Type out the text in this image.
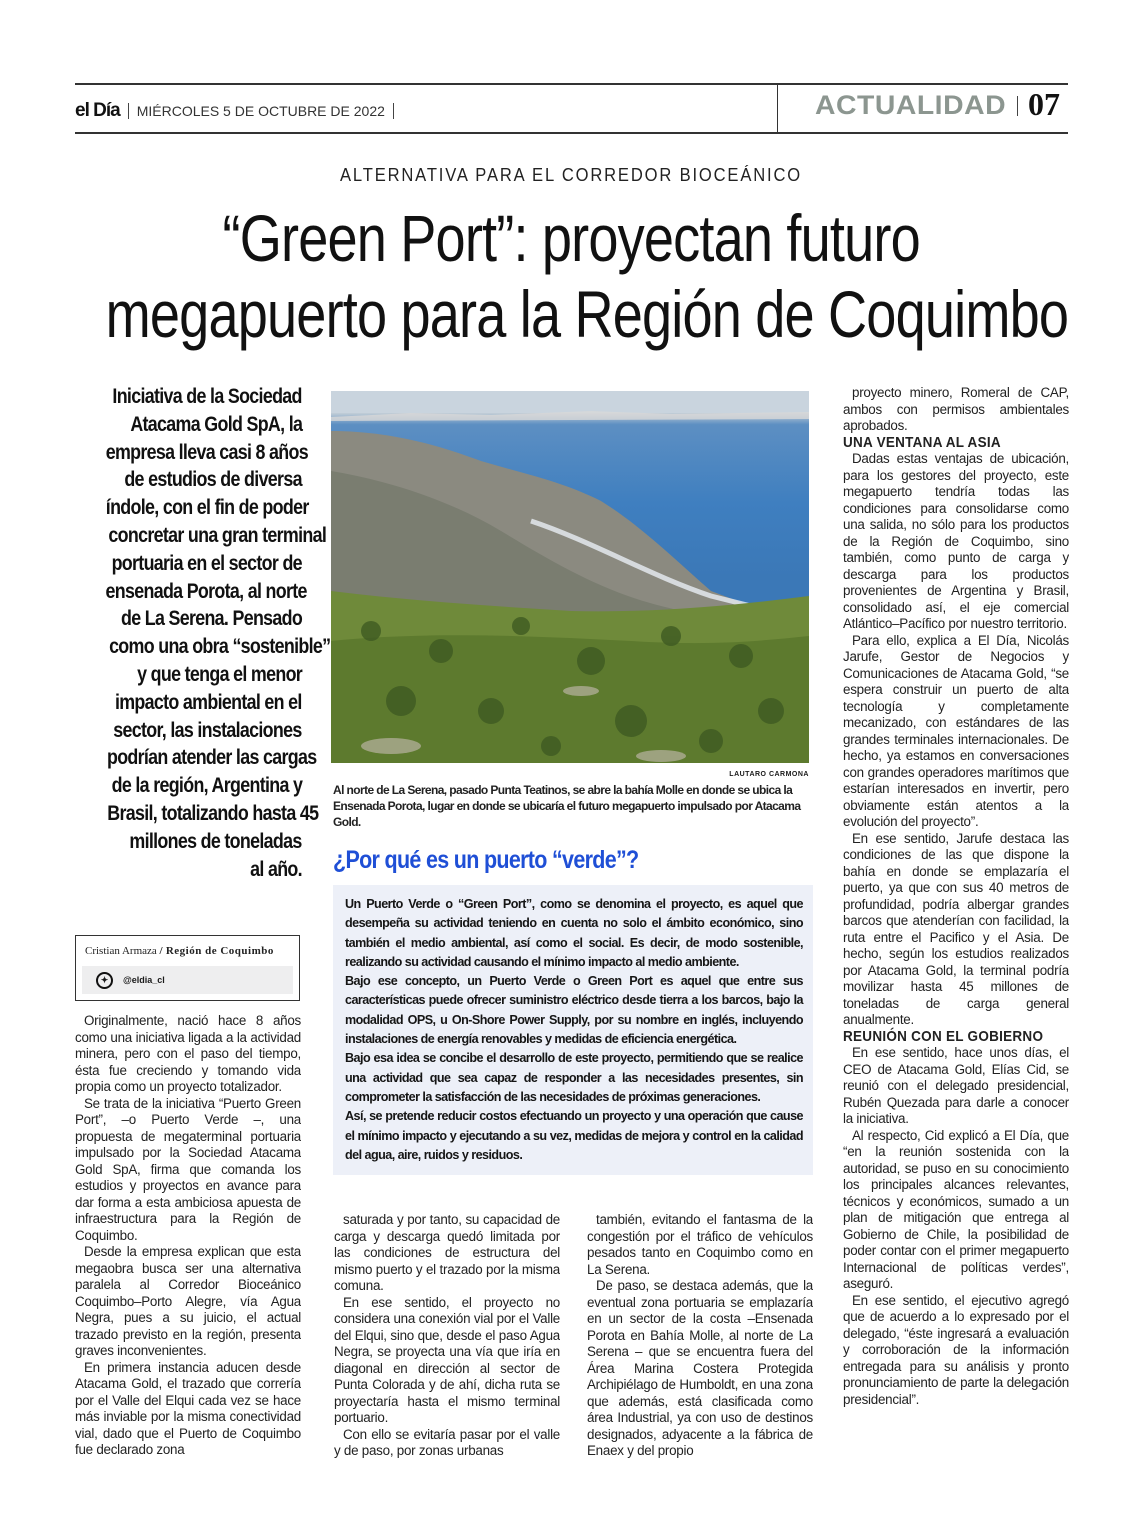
el Día MIÉRCOLES 5 DE OCTUBRE DE 2022	ACTUALIDAD 07
ALTERNATIVA PARA EL CORREDOR BIOCEÁNICO
“Green Port”: proyectan futuro
megapuerto para la Región de Coquimbo
Iniciativa de la Sociedad
Atacama Gold SpA, la
empresa lleva casi 8 años
de estudios de diversa
índole, con el fin de poder
concretar una gran terminal
portuaria en el sector de
ensenada Porota, al norte
de La Serena. Pensado
como una obra “sostenible”
y que tenga el menor
impacto ambiental en el
sector, las instalaciones
podrían atender las cargas
de la región, Argentina y
Brasil, totalizando hasta 45
millones de toneladas
al año.
Cristian Armaza / Región de Coquimbo
✦	@eldia_cl

Originalmente, nació hace 8 años como una iniciativa ligada a la actividad minera, pero con el paso del tiempo, ésta fue creciendo y tomando vida propia como un proyecto totalizador.

Se trata de la iniciativa “Puerto Green Port”, –o Puerto Verde –, una propuesta de megaterminal portuaria impulsado por la Sociedad Atacama Gold SpA, firma que comanda los estudios y proyectos en avance para dar forma a esta ambiciosa apuesta de infraestructura para la Región de Coquimbo.

Desde la empresa explican que esta megaobra busca ser una alternativa paralela al Corredor Bioceánico Coquimbo–Porto Alegre, vía Agua Negra, pues a su juicio, el actual trazado previsto en la región, presenta graves inconvenientes.

En primera instancia aducen desde Atacama Gold, el trazado que correría por el Valle del Elqui cada vez se hace más inviable por la misma conectividad vial, dado que el Puerto de Coquimbo fue declarado zona

saturada y por tanto, su capacidad de carga y descarga quedó limitada por las condiciones de estructura del mismo puerto y el trazado por la misma comuna.

En ese sentido, el proyecto no considera una conexión vial por el Valle del Elqui, sino que, desde el paso Agua Negra, se proyecta una vía que iría en diagonal en dirección al sector de Punta Colorada y de ahí, dicha ruta se proyectaría hasta el mismo terminal portuario.

Con ello se evitaría pasar por el valle y de paso, por zonas urbanas

también, evitando el fantasma de la congestión por el tráfico de vehículos pesados tanto en Coquimbo como en La Serena.

De paso, se destaca además, que la eventual zona portuaria se emplazaría en un sector de la costa –Ensenada Porota en Bahía Molle, al norte de La Serena – que se encuentra fuera del Área Marina Costera Protegida Archipiélago de Humboldt, en una zona que además, está clasificada como área Industrial, ya con uso de destinos designados, adyacente a la fábrica de Enaex y del propio

proyecto minero, Romeral de CAP, ambos con permisos ambientales aprobados.

UNA VENTANA AL ASIA

Dadas estas ventajas de ubicación, para los gestores del proyecto, este megapuerto tendría todas las condiciones para consolidarse como una salida, no sólo para los productos de la Región de Coquimbo, sino también, como punto de carga y descarga para los productos provenientes de Argentina y Brasil, consolidado así, el eje comercial Atlántico–Pacífico por nuestro territorio.

Para ello, explica a El Día, Nicolás Jarufe, Gestor de Negocios y Comunicaciones de Atacama Gold, “se espera construir un puerto de alta tecnología y completamente mecanizado, con estándares de las grandes terminales internacionales. De hecho, ya estamos en conversaciones con grandes operadores marítimos que estarían interesados en invertir, pero obviamente están atentos a la evolución del proyecto”.

En ese sentido, Jarufe destaca las condiciones de las que dispone la bahía en donde se emplazaría el puerto, ya que con sus 40 metros de profundidad, podría albergar grandes barcos que atenderían con facilidad, la ruta entre el Pacifico y el Asia. De hecho, según los estudios realizados por Atacama Gold, la terminal podría movilizar hasta 45 millones de toneladas de carga general anualmente.

REUNIÓN CON EL GOBIERNO

En ese sentido, hace unos días, el CEO de Atacama Gold, Elías Cid, se reunió con el delegado presidencial, Rubén Quezada para darle a conocer la iniciativa.

Al respecto, Cid explicó a El Día, que “en la reunión sostenida con la autoridad, se puso en su conocimiento los principales alcances relevantes, técnicos y económicos, sumado a un plan de mitigación que entrega al Gobierno de Chile, la posibilidad de poder contar con el primer megapuerto Internacional de políticas verdes”, aseguró.

En ese sentido, el ejecutivo agregó que de acuerdo a lo expresado por el delegado, “éste ingresará a evaluación y corroboración de la información entregada para su análisis y pronto pronunciamiento de parte la delegación presidencial”.

LAUTARO CARMONA
Al norte de La Serena, pasado Punta Teatinos, se abre la bahía Molle en donde se ubica la Ensenada Porota, lugar en donde se ubicaría el futuro megapuerto impulsado por Atacama Gold.
¿Por qué es un puerto “verde”?

Un Puerto Verde o “Green Port”, como se denomina el proyecto, es aquel que desempeña su actividad teniendo en cuenta no solo el ámbito económico, sino también el medio ambiental, así como el social. Es decir, de modo sostenible, realizando su actividad causando el mínimo impacto al medio ambiente.

Bajo ese concepto, un Puerto Verde o Green Port es aquel que entre sus características puede ofrecer suministro eléctrico desde tierra a los barcos, bajo la modalidad OPS, u On-Shore Power Supply, por su nombre en inglés, incluyendo instalaciones de energía renovables y medidas de eficiencia energética.

Bajo esa idea se concibe el desarrollo de este proyecto, permitiendo que se realice una actividad que sea capaz de responder a las necesidades presentes, sin comprometer la satisfacción de las necesidades de próximas generaciones.

Así, se pretende reducir costos efectuando un proyecto y una operación que cause el mínimo impacto y ejecutando a su vez, medidas de mejora y control en la calidad del agua, aire, ruidos y residuos.
